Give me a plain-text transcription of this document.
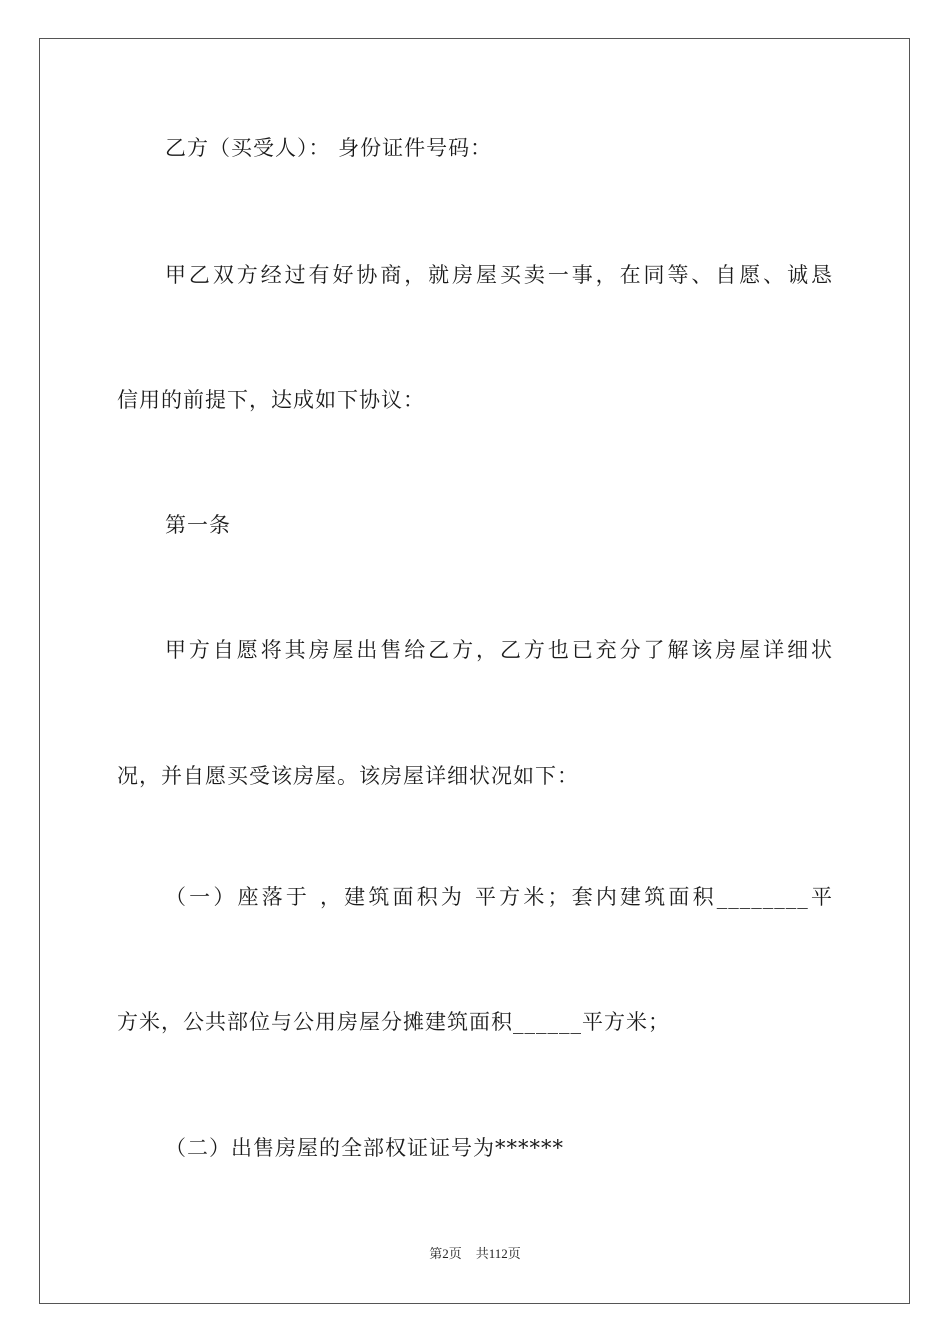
乙方（买受人）： 身份证件号码：
甲乙双方经过有好协商，就房屋买卖一事，在同等、自愿、诚恳
信用的前提下，达成如下协议：
第一条
甲方自愿将其房屋出售给乙方，乙方也已充分了解该房屋详细状
况，并自愿买受该房屋。该房屋详细状况如下：
（一）座落于 ，建筑面积为 平方米；套内建筑面积________平
方米，公共部位与公用房屋分摊建筑面积______平方米；
（二）出售房屋的全部权证证号为******
第2页 共112页
